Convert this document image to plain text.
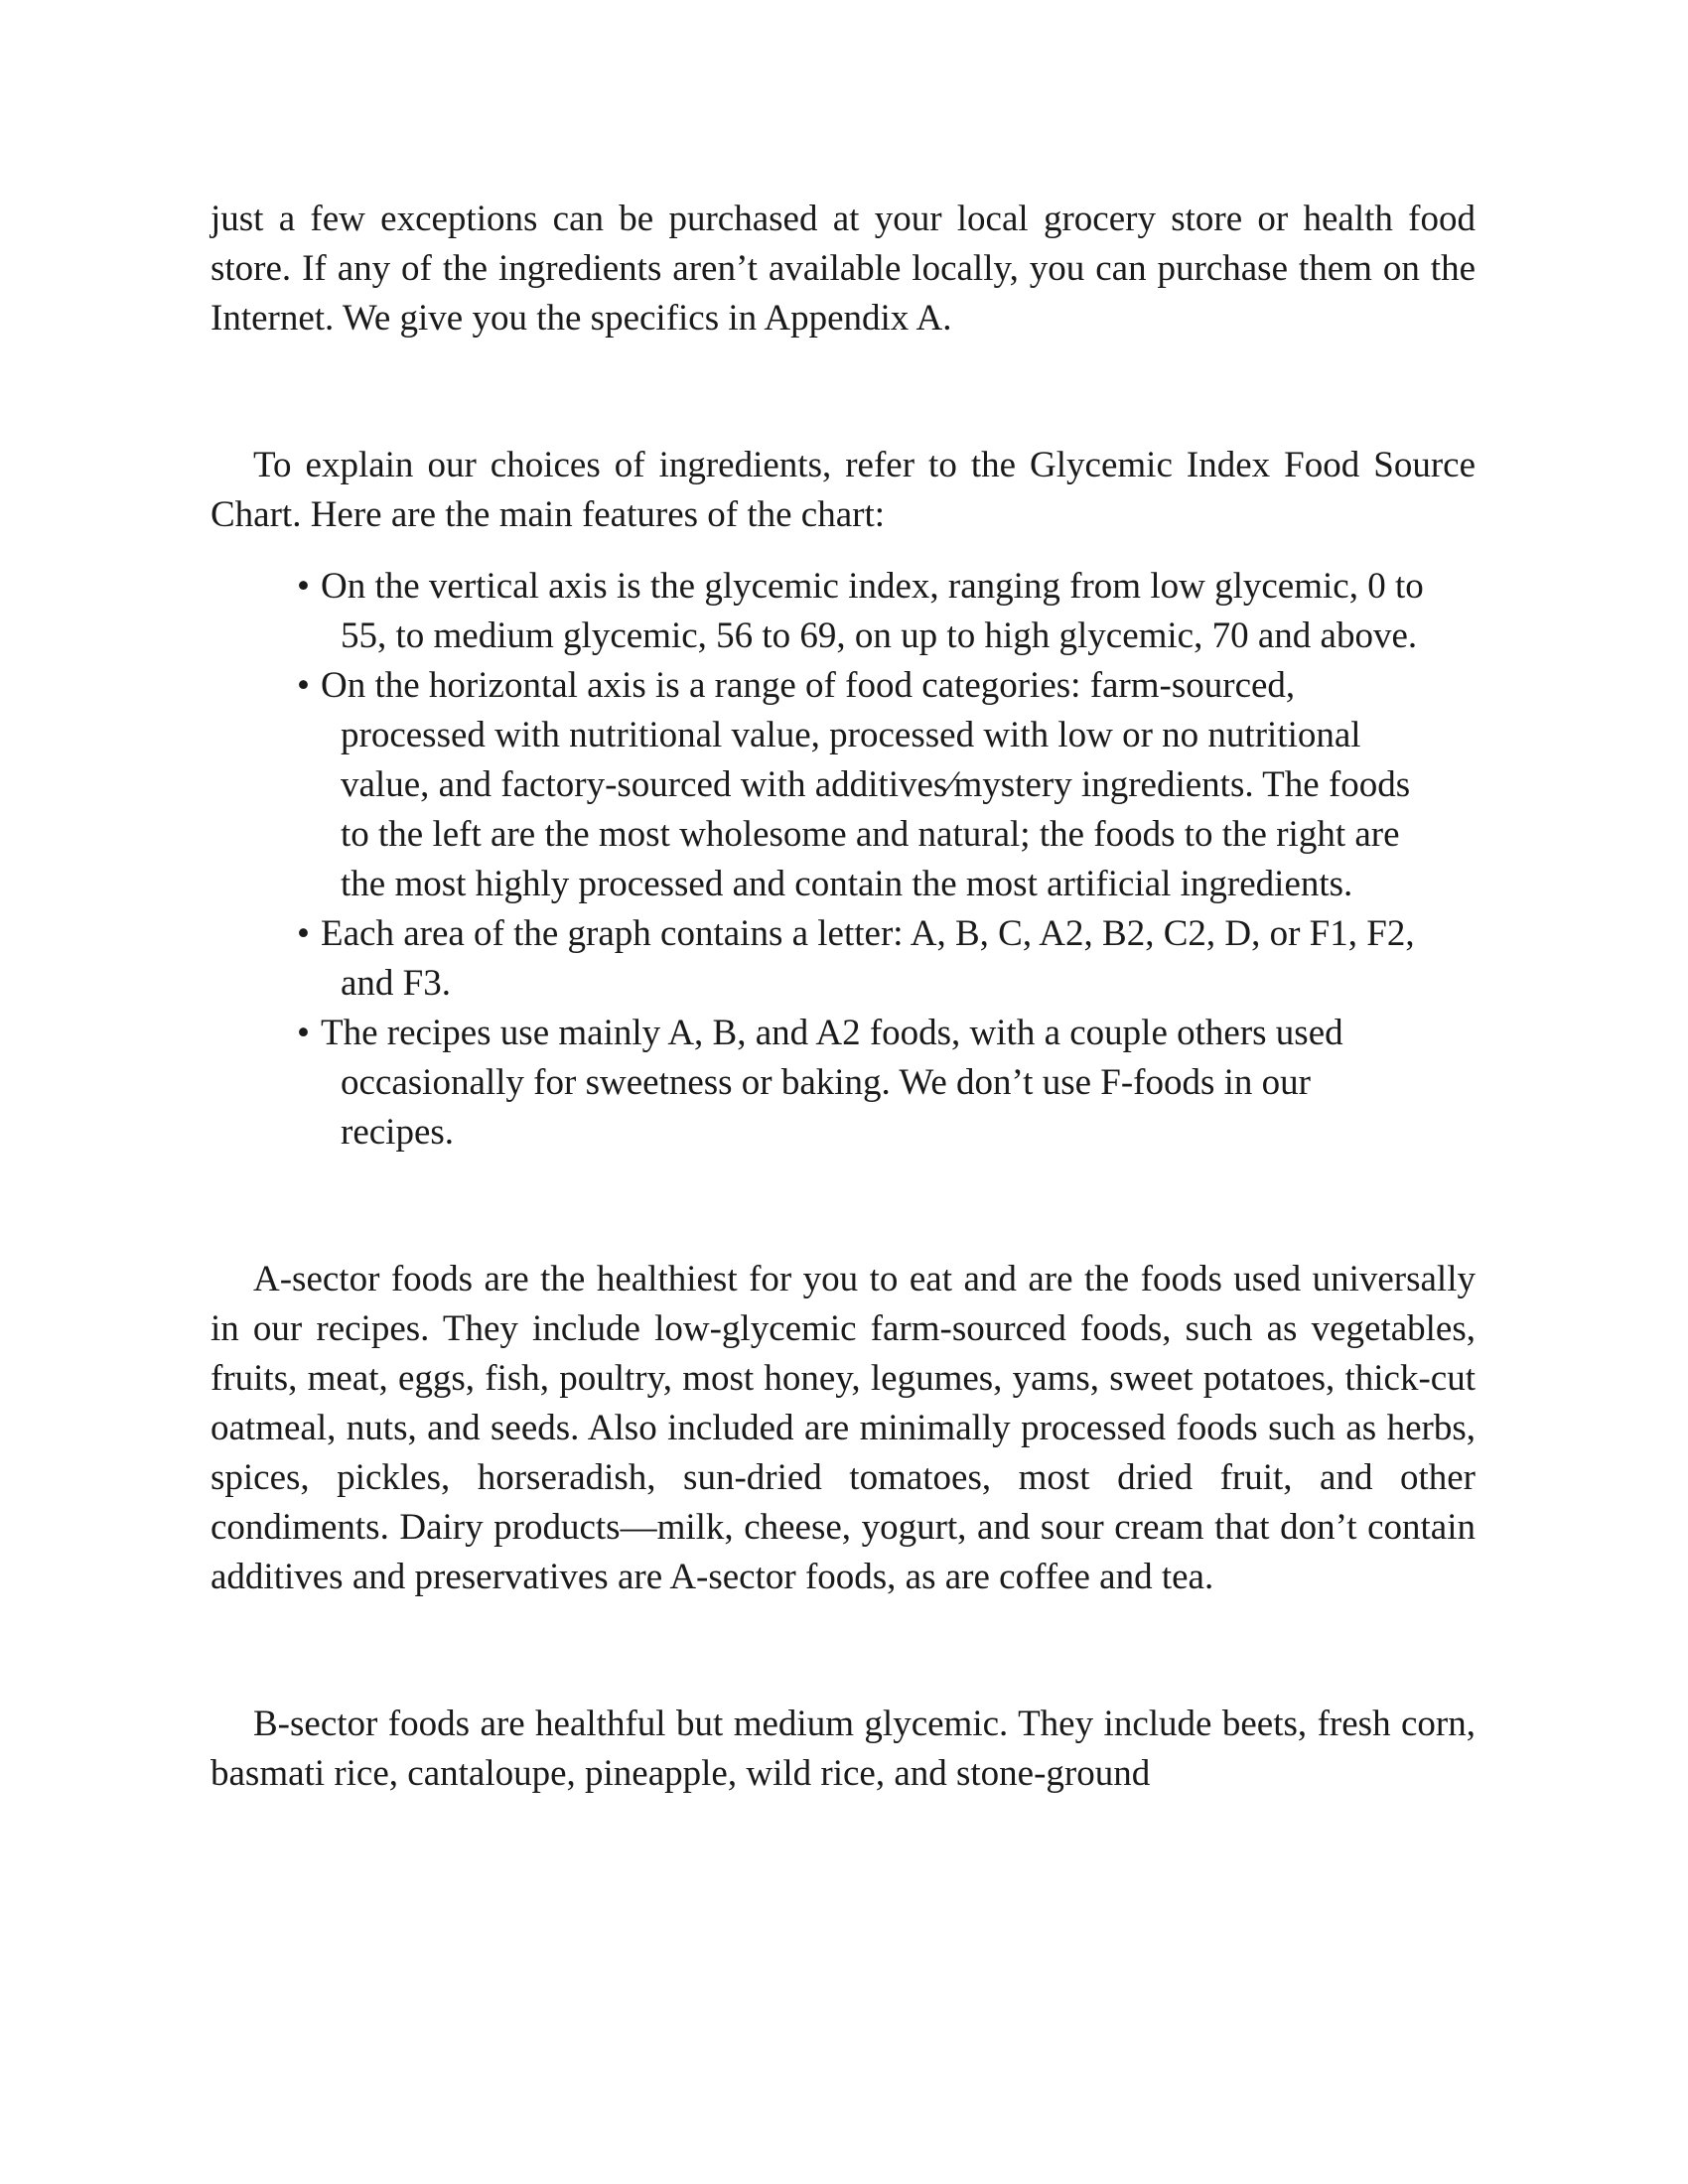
just a few exceptions can be purchased at your local grocery store or health food store. If any of the ingredients aren’t available locally, you can purchase them on the Internet. We give you the specifics in Appendix A.

To explain our choices of ingredients, refer to the Glycemic Index Food Source Chart. Here are the main features of the chart:

• On the vertical axis is the glycemic index, ranging from low glycemic, 0 to 55, to medium glycemic, 56 to 69, on up to high glycemic, 70 and above.
• On the horizontal axis is a range of food categories: farm-sourced, processed with nutritional value, processed with low or no nutritional value, and factory-sourced with additives⁄mystery ingredients. The foods to the left are the most wholesome and natural; the foods to the right are the most highly processed and contain the most artificial ingredients.
• Each area of the graph contains a letter: A, B, C, A2, B2, C2, D, or F1, F2, and F3.
• The recipes use mainly A, B, and A2 foods, with a couple others used occasionally for sweetness or baking. We don’t use F-foods in our recipes.

A-sector foods are the healthiest for you to eat and are the foods used universally in our recipes. They include low-glycemic farm-sourced foods, such as vegetables, fruits, meat, eggs, fish, poultry, most honey, legumes, yams, sweet potatoes, thick-cut oatmeal, nuts, and seeds. Also included are minimally processed foods such as herbs, spices, pickles, horseradish, sun-dried tomatoes, most dried fruit, and other condiments. Dairy products—milk, cheese, yogurt, and sour cream that don’t contain additives and preservatives are A-sector foods, as are coffee and tea.

B-sector foods are healthful but medium glycemic. They include beets, fresh corn, basmati rice, cantaloupe, pineapple, wild rice, and stone-ground
